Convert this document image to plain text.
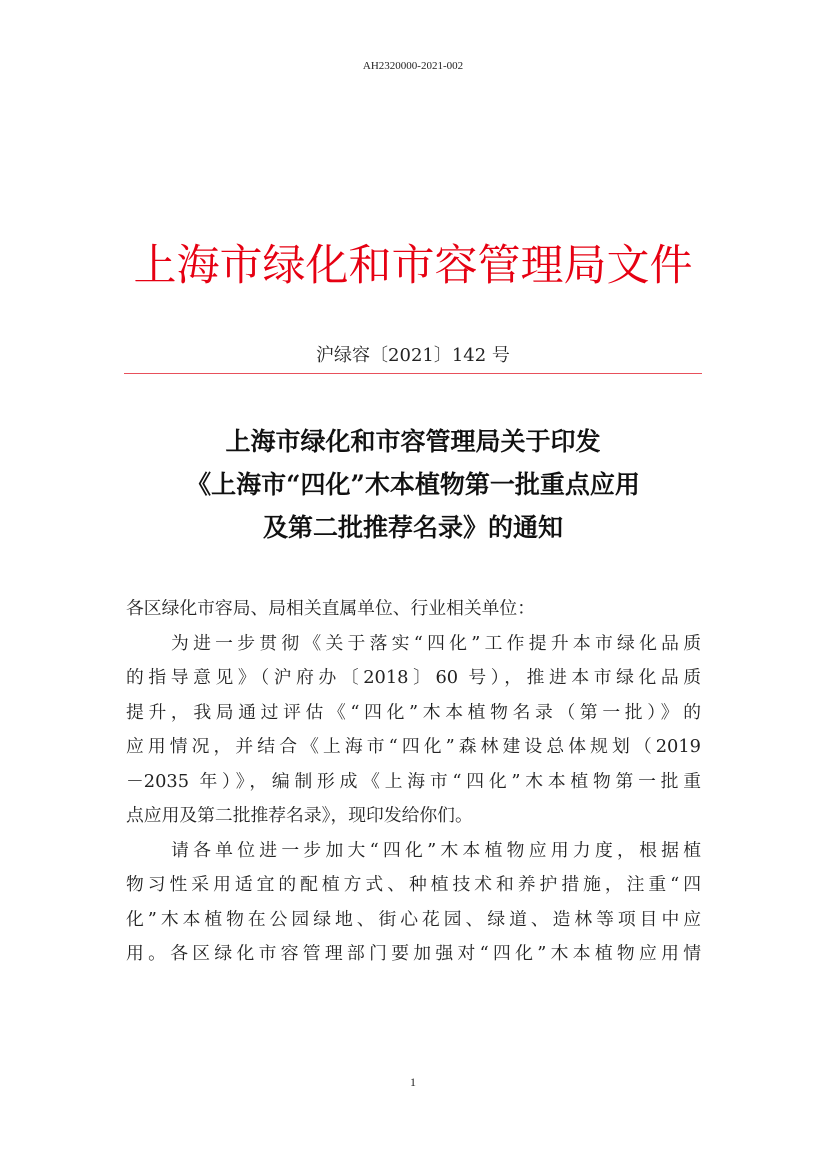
AH2320000-2021-002
上海市绿化和市容管理局文件
沪绿容〔2021〕142 号
上海市绿化和市容管理局关于印发
《上海市“四化”木本植物第一批重点应用
及第二批推荐名录》的通知
各区绿化市容局、局相关直属单位、行业相关单位：
为进一步贯彻《关于落实“四化”工作提升本市绿化品质
的指导意见》（沪府办〔2018〕60 号），推进本市绿化品质
提升，我局通过评估《“四化”木本植物名录（第一批）》的
应用情况，并结合《上海市“四化”森林建设总体规划（2019
－2035 年）》，编制形成《上海市“四化”木本植物第一批重
点应用及第二批推荐名录》，现印发给你们。
请各单位进一步加大“四化”木本植物应用力度，根据植
物习性采用适宜的配植方式、种植技术和养护措施，注重“四
化”木本植物在公园绿地、街心花园、绿道、造林等项目中应
用。各区绿化市容管理部门要加强对“四化”木本植物应用情
1
